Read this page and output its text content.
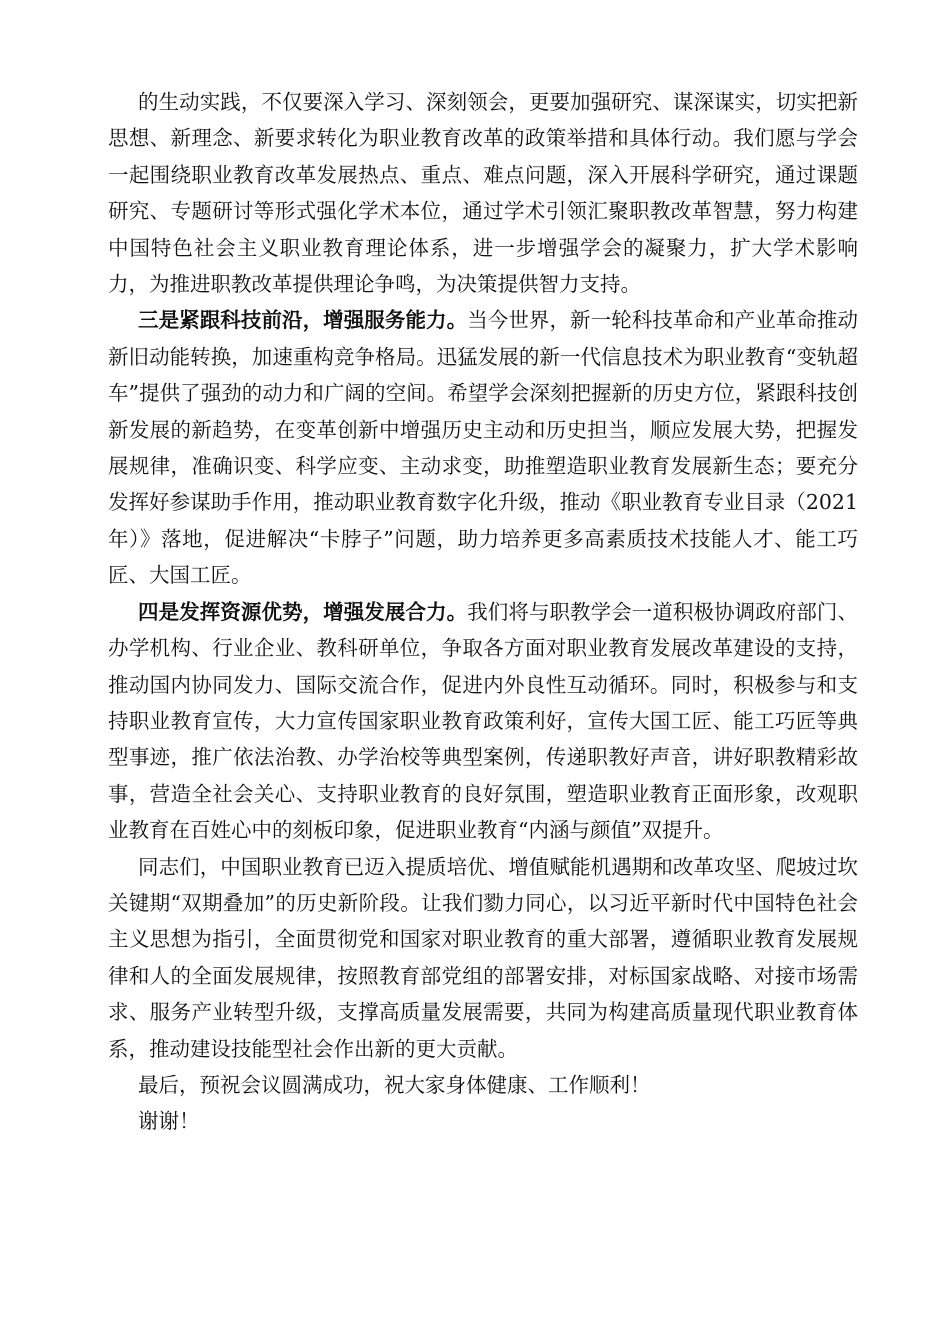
的生动实践，不仅要深入学习、深刻领会，更要加强研究、谋深谋实，切实把新思想、新理念、新要求转化为职业教育改革的政策举措和具体行动。我们愿与学会一起围绕职业教育改革发展热点、重点、难点问题，深入开展科学研究，通过课题研究、专题研讨等形式强化学术本位，通过学术引领汇聚职教改革智慧，努力构建中国特色社会主义职业教育理论体系，进一步增强学会的凝聚力，扩大学术影响力，为推进职教改革提供理论争鸣，为决策提供智力支持。

三是紧跟科技前沿，增强服务能力。当今世界，新一轮科技革命和产业革命推动新旧动能转换，加速重构竞争格局。迅猛发展的新一代信息技术为职业教育“变轨超车”提供了强劲的动力和广阔的空间。希望学会深刻把握新的历史方位，紧跟科技创新发展的新趋势，在变革创新中增强历史主动和历史担当，顺应发展大势，把握发展规律，准确识变、科学应变、主动求变，助推塑造职业教育发展新生态；要充分发挥好参谋助手作用，推动职业教育数字化升级，推动《职业教育专业目录（2021年）》落地，促进解决“卡脖子”问题，助力培养更多高素质技术技能人才、能工巧匠、大国工匠。

四是发挥资源优势，增强发展合力。我们将与职教学会一道积极协调政府部门、办学机构、行业企业、教科研单位，争取各方面对职业教育发展改革建设的支持，推动国内协同发力、国际交流合作，促进内外良性互动循环。同时，积极参与和支持职业教育宣传，大力宣传国家职业教育政策利好，宣传大国工匠、能工巧匠等典型事迹，推广依法治教、办学治校等典型案例，传递职教好声音，讲好职教精彩故事，营造全社会关心、支持职业教育的良好氛围，塑造职业教育正面形象，改观职业教育在百姓心中的刻板印象，促进职业教育“内涵与颜值”双提升。

同志们，中国职业教育已迈入提质培优、增值赋能机遇期和改革攻坚、爬坡过坎关键期“双期叠加”的历史新阶段。让我们勠力同心，以习近平新时代中国特色社会主义思想为指引，全面贯彻党和国家对职业教育的重大部署，遵循职业教育发展规律和人的全面发展规律，按照教育部党组的部署安排，对标国家战略、对接市场需求、服务产业转型升级，支撑高质量发展需要，共同为构建高质量现代职业教育体系，推动建设技能型社会作出新的更大贡献。

最后，预祝会议圆满成功，祝大家身体健康、工作顺利！

谢谢！
